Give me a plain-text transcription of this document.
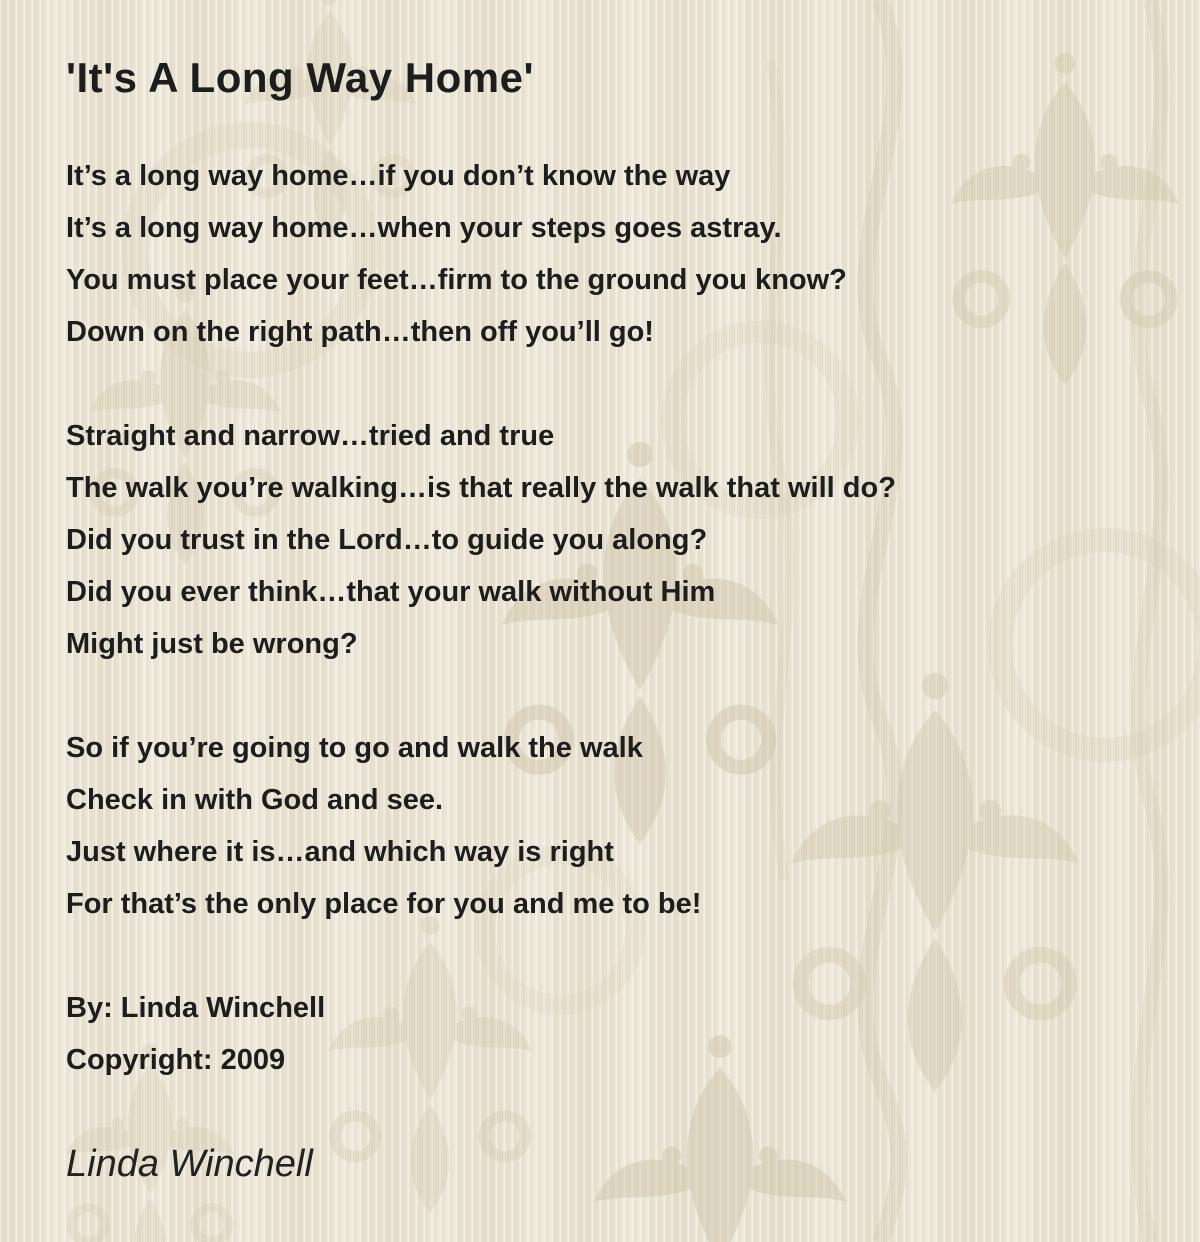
'It's A Long Way Home'

It’s a long way home…if you don’t know the way

It’s a long way home…when your steps goes astray.

You must place your feet…firm to the ground you know?

Down on the right path…then off you’ll go!

Straight and narrow…tried and true

The walk you’re walking…is that really the walk that will do?

Did you trust in the Lord…to guide you along?

Did you ever think…that your walk without Him

Might just be wrong?

So if you’re going to go and walk the walk

Check in with God and see.

Just where it is…and which way is right

For that’s the only place for you and me to be!

By: Linda Winchell

Copyright: 2009

Linda Winchell
